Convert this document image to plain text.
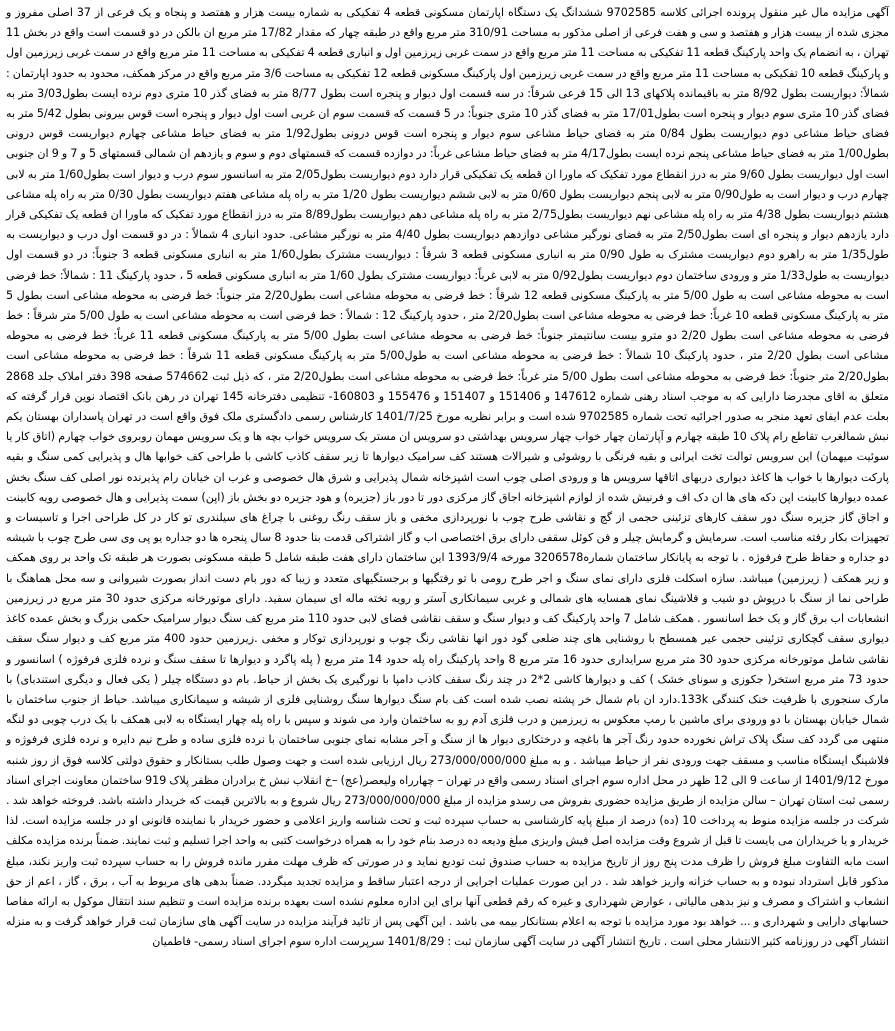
آگهی مزایده مال غیر منقول پرونده اجرائی کلاسه 9702585 ششدانگ یک دستگاه اپارتمان مسکونی قطعه 4 تفکیکی به شماره بیست هزار و هفتصد و پنجاه و یک فرعی از 37 اصلی مفروز و مجزی شده از بیست هزار و هفتصد و سی و هفت فرعی از اصلی مذکور به مساحت 310/91 متر مربع واقع در طبقه چهار که مقدار 17/82 متر مربع ان بالکن در دو قسمت است واقع در بخش 11 تهران ، به انضمام یک واحد پارکینگ قطعه 11 تفکیکی به مساحت 11 متر مربع واقع در سمت غربی زیرزمین اول و انباری قطعه 4 تفکیکی به مساحت 11 متر مربع واقع در سمت غربی زیرزمین اول و پارکینگ قطعه 10 تفکیکی به مساحت 11 متر مربع واقع در سمت غربی زیرزمین اول پارکینگ مسکونی قطعه 12 تفکیکی به مساحت 3/6 متر مربع واقع در مرکز همکف، محدود به حدود اپارتمان : شمالاً: دیواریست بطول 8/92 متر به باقیمانده پلاکهای 13 الی 15 فرعی شرقاً: در سه قسمت اول دیوار و پنجره است بطول 8/77 متر به فضای گذر 10 متری دوم نرده ایست بطول3/03 متر به فضای گذر 10 متری سوم دیوار و پنجره است بطول17/01 متر به فضای گذر 10 متری جنوباً: در 5 قسمت که قسمت سوم ان غربی است اول دیوار و پنجره است قوس بیرونی بطول 5/42 متر به فضای حیاط مشاعی دوم دیواریست بطول 0/84 متر به فضای حیاط مشاعی سوم دیوار و پنجره است قوس درونی بطول1/92 متر به فضای حیاط مشاعی چهارم دیواریست قوس درونی بطول1/00 متر به فضای حیاط مشاعی پنجم نرده ایست بطول4/17 متر به فضای حیاط مشاعی غرباً: در دوازده قسمت که قسمتهای دوم و سوم و یازدهم ان شمالی قسمتهای 5 و 7 و 9 ان جنوبی است اول دیواریست بطول 9/60 متر به درز انقطاع مورد تفکیک که ماورا ان قطعه یک تفکیکی قرار دارد دوم دیواریست بطول2/05 متر به اسانسور سوم درب و دیوار است بطول1/60 متر به لابی چهارم درب و دیوار است به طول0/90 متر به لابی پنجم دیواریست بطول 0/60 متر به لابی ششم دیواریست بطول 1/20 متر به راه پله مشاعی هفتم دیواریست بطول 0/30 متر به راه پله مشاعی هشتم دیواریست بطول 4/38 متر به راه پله مشاعی نهم دیواریست بطول2/75 متر به راه پله مشاعی دهم دیواریست بطول8/89 متر به درز انقطاع مورد تفکیک که ماورا ان قطعه یک تفکیکی قرار دارد یازدهم دیوار و پنجره ای است بطول2/50 متر به فضای نورگیر مشاعی دوازدهم دیواریست بطول 4/40 متر به نورگیر مشاعی. حدود انباری 4 شمالاً : در دو قسمت اول درب و دیواریست به طول1/35 متر به راهرو دوم دیواریست مشترک به طول 0/90 متر به انباری مسکونی قطعه 3 شرقاً : دیواریست مشترک بطول1/60 متر به انباری مسکونی قطعه 3 جنوباً: در دو قسمت اول دیواریست به طول1/33 متر و ورودی ساختمان دوم دیواریست بطول0/92 متر به لابی غرباً: دیواریست مشترک بطول 1/60 متر به انباری مسکونی قطعه 5 ، حدود پارکینگ 11 : شمالاً: خط فرضی است به محوطه مشاعی است به طول 5/00 متر به پارکینگ مسکونی قطعه 12 شرقاً : خط فرضی به محوطه مشاعی است بطول2/20 متر جنوباً: خط فرضی به محوطه مشاعی است بطول 5 متر به پارکینگ مسکونی قطعه 10 غرباً: خط فرضی به محوطه مشاعی است بطول2/20 متر ، حدود پارکینگ 12 : شمالاً : خط فرضی است به محوطه مشاعی است به طول 5/00 متر شرقاً : خط فرضی به محوطه مشاعی است بطول 2/20 دو مترو بیست سانتیمتر جنوباً: خط فرضی به محوطه مشاعی است بطول 5/00 متر به پارکینگ مسکونی قطعه 11 غرباً: خط فرضی به محوطه مشاعی است بطول 2/20 متر ، حدود پارکینگ 10 شمالاً : خط فرضی به محوطه مشاعی است به طول5/00 متر به پارکینگ مسکونی قطعه 11 شرقاً : خط فرضی به محوطه مشاعی است بطول2/20 متر جنوباً: خط فرضی به محوطه مشاعی است بطول 5/00 متر غرباً: خط فرضی به محوطه مشاعی است بطول2/20 متر ، که ذیل ثبت 574662 صفحه 398 دفتر املاک جلد 2868 متعلق به اقای مجدرضا دارایی که به موجب اسناد رهنی شماره 147612 و 151406 و 151407 و 155476 و 160803- تنظیمی دفترخانه 145 تهران در رهن بانک اقتصاد نوین قرار گرفته که بعلت عدم ایفای تعهد منجر به صدور اجرائیه تحت شماره 9702585 شده است و برابر نظریه مورخ 1401/7/25 کارشناس رسمی دادگستری ملک فوق واقع است در تهران پاسداران بهستان یکم نبش شمالغرب تقاطع رام پلاک 10 طبقه چهارم و آپارتمان چهار خواب چهار سرویس بهداشتی دو سرویس ان مستر یک سرویس خواب بچه ها و یک سرویس مهمان روبروی خواب چهارم (اتاق کار یا سوئیت میهمان) این سرویس توالت تخت ایرانی و بقیه فرنگی با روشوئی و شیرالات هستند کف سرامیک دیوارها تا زیر سقف کاذب کاشی با طراحی کف خوابها هال و پذیرایی کمی سنگ و بقیه پارکت دیوارها با خواب ها کاغذ دیواری دربهای اتاقها سرویس ها و ورودی اصلی چوب است اشپزخانه شمال پذیرایی و شرق هال خصوصی و غرب ان خیابان رام پذیرنده نور اصلی کف سنگ بخش عمده دیوارها کابینت اپن دکه های ها ان دک اف و فرنیش شده از لوازم اشپزخانه اجاق گاز مرکزی دور تا دور باز (جزیره) و هود جزیره دو بخش باز (اپن) سمت پذیرایی و هال خصوصی رویه کابینت و اجاق گاز جزیره سنگ دور سقف کارهای تزئینی حجمی از گچ و نقاشی طرح چوب با نورپردازی مخفی و باز سقف رنگ روغنی با چراغ های سیلندری تو کار در کل طراحی اجرا و تاسیسات و تجهیزات بکار رفته مناسب است. سرمایش و گرمایش چیلر و فن کوئل سقفی دارای برق اختصاصی اب و گاز اشتراکی قدمت بنا حدود 8 سال پنجره ها دو جداره یو پی وی سی طرح چوب با شیشه دو جداره و حفاظ طرح فرفوژه . با توجه به پایانکار ساختمان شماره3206578 مورخه 1393/9/4 این ساختمان دارای هفت طبقه شامل 5 طبقه مسکونی بصورت هر طبقه تک واحد بر روی همکف و زیر همکف ( زیرزمین) میباشد. سازه اسکلت فلزی دارای نمای سنگ و اجر طرح رومی با تو رفتگیها و برجستگیهای متعدد و زیبا که دور بام دست انداز بصورت شیروانی و سه محل هماهنگ با طراحی نما از سنگ با درپوش دو شیب و فلاشینگ نمای همسایه های شمالی و غربی سیمانکاری آستر و رویه تخته ماله ای سیمان سفید. دارای موتورخانه مرکزی حدود 30 متر مربع در زیرزمین انشعابات اب برق گاز و یک خط اسانسور . همکف شامل 7 واحد پارکینگ کف و دیوار سنگ و سقف نقاشی فضای لابی حدود 110 متر مربع کف سنگ دیوار سرامیک حکمی بزرگ و بخش عمده کاغذ دیواری سقف گچکاری تزئینی حجمی عیر همسطح با روشنایی های چند ضلعی گود دور انها نقاشی رنگ چوب و نورپردازی توکار و مخفی .زیرزمین حدود 400 متر مربع کف و دیوار سنگ سقف نقاشی شامل موتورخانه مرکزی حدود 30 متر مربع سرایداری حدود 16 متر مربع 8 واحد پارکینگ راه پله حدود 14 متر مربع ( پله پاگرد و دیوارها تا سقف سنگ و نرده فلزی فرفوژه ) اسانسور و حدود 73 متر مربع استخر( جکوزی و سونای خشک ) کف و دیوارها کاشی 2*2 در چند رنگ سقف کاذب دامپا با نورگیری یک بخش از حیاط. بام دو دستگاه چیلر ( یکی فعال و دیگری استندبای) با مارک سنجوری با ظرفیت خنک کنندگی 133k.دارد ان بام شمال خر پشته نصب شده است کف بام سنگ دیوارها سنگ روشنایی فلزی از شیشه و سیمانکاری میباشد. حیاط از جنوب ساختمان با شمال خیابان بهستان با دو ورودی برای ماشین با رمپ معکوس به زیرزمین و درب فلزی آدم رو به ساختمان وارد می شوند و سپس با راه پله چهار ایستگاه به لابی همکف با یک درب چوبی دو لنگه منتهی می گردد کف سنگ پلاک تراش نخورده حدود رنگ آجر ها باغچه و درختکاری دیوار ها از سنگ و آجر مشابه نمای جنوبی ساختمان با نرده فلزی ساده و طرح نیم دایره و نرده فلزی فرفوژه و فلاشینگ ایستگاه مناسب و مسقف جهت ورودی نفر از حیاط میباشد . و به مبلغ 273/000/000/000 ریال ارزیابی شده است و جهت وصول طلب بستانکار و حقوق دولتی کلاسه فوق از روز شنبه مورخ 1401/9/12 از ساعت 9 الی 12 ظهر در محل اداره سوم اجرای اسناد رسمی واقع در تهران – چهارراه ولیعصر(عج) –خ انقلاب نبش خ برادران مظفر پلاک 919 ساختمان معاونت اجرای اسناد رسمی ثبت استان تهران – سالن مزایده از طریق مزایده حضوری بفروش می رسدو مزایده از مبلغ 273/000/000/000 ریال شروع و به بالاترین قیمت که خریدار داشته باشد. فروخته خواهد شد . شرکت در جلسه مزایده منوط به پرداخت 10 (ده) درصد از مبلغ پایه کارشناسی به حساب سپرده ثبت و تحت شناسه واریز اعلامی و حضور خریدار با نماینده قانونی او در جلسه مزایده است. لذا خریدار و یا خریداران می بایست تا قبل از شروع وقت مزایده اصل فیش واریزی مبلغ ودیعه ده درصد بنام خود را به همراه درخواست کتبی به واحد اجرا تسلیم و ثبت نمایند. ضمناً برنده مزایده مکلف است مابه التفاوت مبلغ فروش را ظرف مدت پنج روز از تاریخ مزایده به حساب صندوق ثبت تودیع نماید و در صورتی که ظرف مهلت مقرر مانده فروش را به حساب سپرده ثبت واریز نکند، مبلغ مذکور قابل استرداد نبوده و به حساب خزانه واریز خواهد شد . در این صورت عملیات اجرایی از درجه اعتبار ساقط و مزایده تجدید میگردد. ضمناً بدهی های مربوط به آب ، برق ، گاز ، اعم از حق انشعاب و اشتراک و مصرف و نیز بدهی مالیاتی ، عوارض شهرداری و غیره که رقم قطعی آنها برای این اداره معلوم نشده است بعهده برنده مزایده است و تنظیم سند انتقال موکول به ارائه مفاصا حسابهای دارایی و شهرداری و ... خواهد بود مورد مزایده با توجه به اعلام بستانکار بیمه می باشد . این آگهی پس از تائید فرآیند مزایده در سایت آگهی های سازمان ثبت قرار خواهد گرفت و به منزله انتشار آگهی در روزنامه کثیر الانتشار محلی است . تاریخ انتشار آگهی در سایت آگهی سازمان ثبت : 1401/8/29 سرپرست اداره سوم اجرای اسناد رسمی- فاطمیان
